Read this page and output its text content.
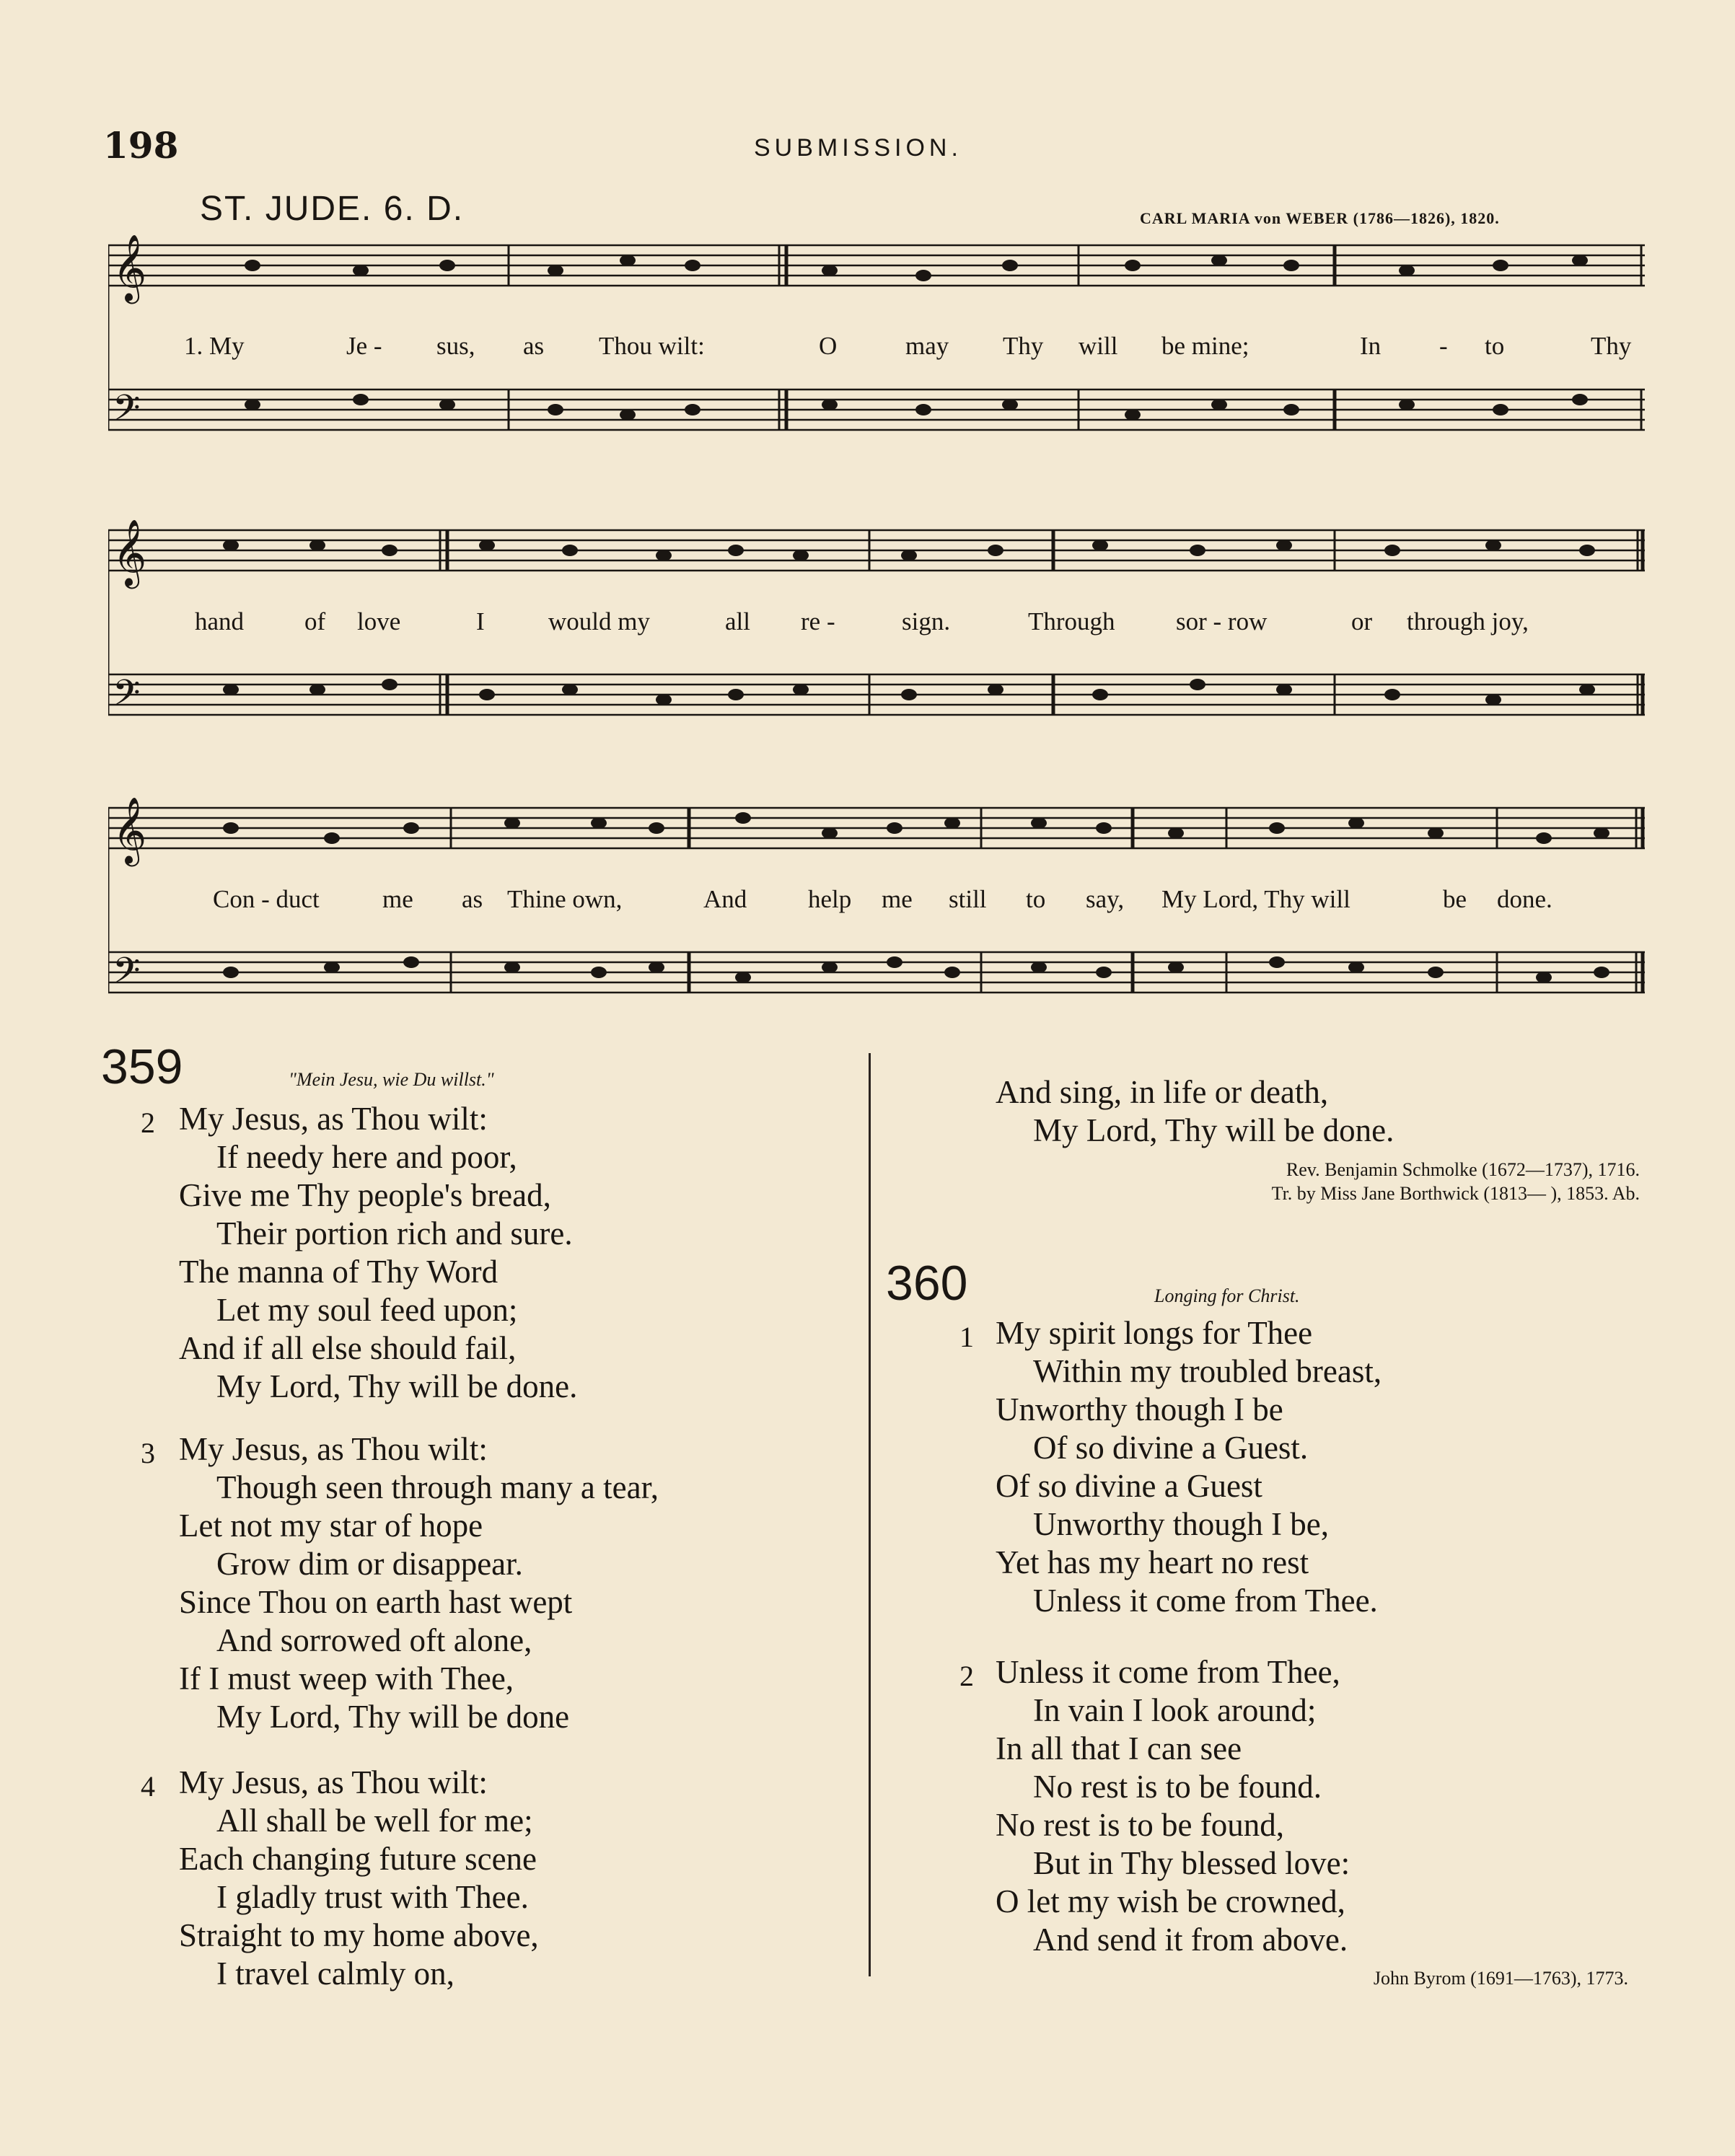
198	SUBMISSION.
ST. JUDE. 6. D.	CARL MARIA von WEBER (1786—1826), 1820.
𝄞
𝄢
1. My	Je - sus, as Thou wilt:	O	may Thy will be mine;	In - to	Thy
𝄞
𝄢
hand of love	I	would my	all re -	sign.	Through sor - row	or through joy,
𝄞
𝄢
Con - duct me as Thine own,	And help me still to say, My Lord, Thy will	be done.
359	"Mein Jesu, wie Du willst."
2 My Jesus, as Thou wilt:
If needy here and poor,
Give me Thy people's bread,
Their portion rich and sure.
The manna of Thy Word
Let my soul feed upon;
And if all else should fail,
My Lord, Thy will be done.
3 My Jesus, as Thou wilt:
Though seen through many a tear,
Let not my star of hope
Grow dim or disappear.
Since Thou on earth hast wept
And sorrowed oft alone,
If I must weep with Thee,
My Lord, Thy will be done
4 My Jesus, as Thou wilt:
All shall be well for me;
Each changing future scene
I gladly trust with Thee.
Straight to my home above,
I travel calmly on,
And sing, in life or death,
My Lord, Thy will be done.
Rev. Benjamin Schmolke (1672—1737), 1716.
Tr. by Miss Jane Borthwick (1813— ), 1853. Ab.
360	Longing for Christ.
1 My spirit longs for Thee
Within my troubled breast,
Unworthy though I be
Of so divine a Guest.
Of so divine a Guest
Unworthy though I be,
Yet has my heart no rest
Unless it come from Thee.
2 Unless it come from Thee,
In vain I look around;
In all that I can see
No rest is to be found.
No rest is to be found,
But in Thy blessed love:
O let my wish be crowned,
And send it from above.
John Byrom (1691—1763), 1773.
